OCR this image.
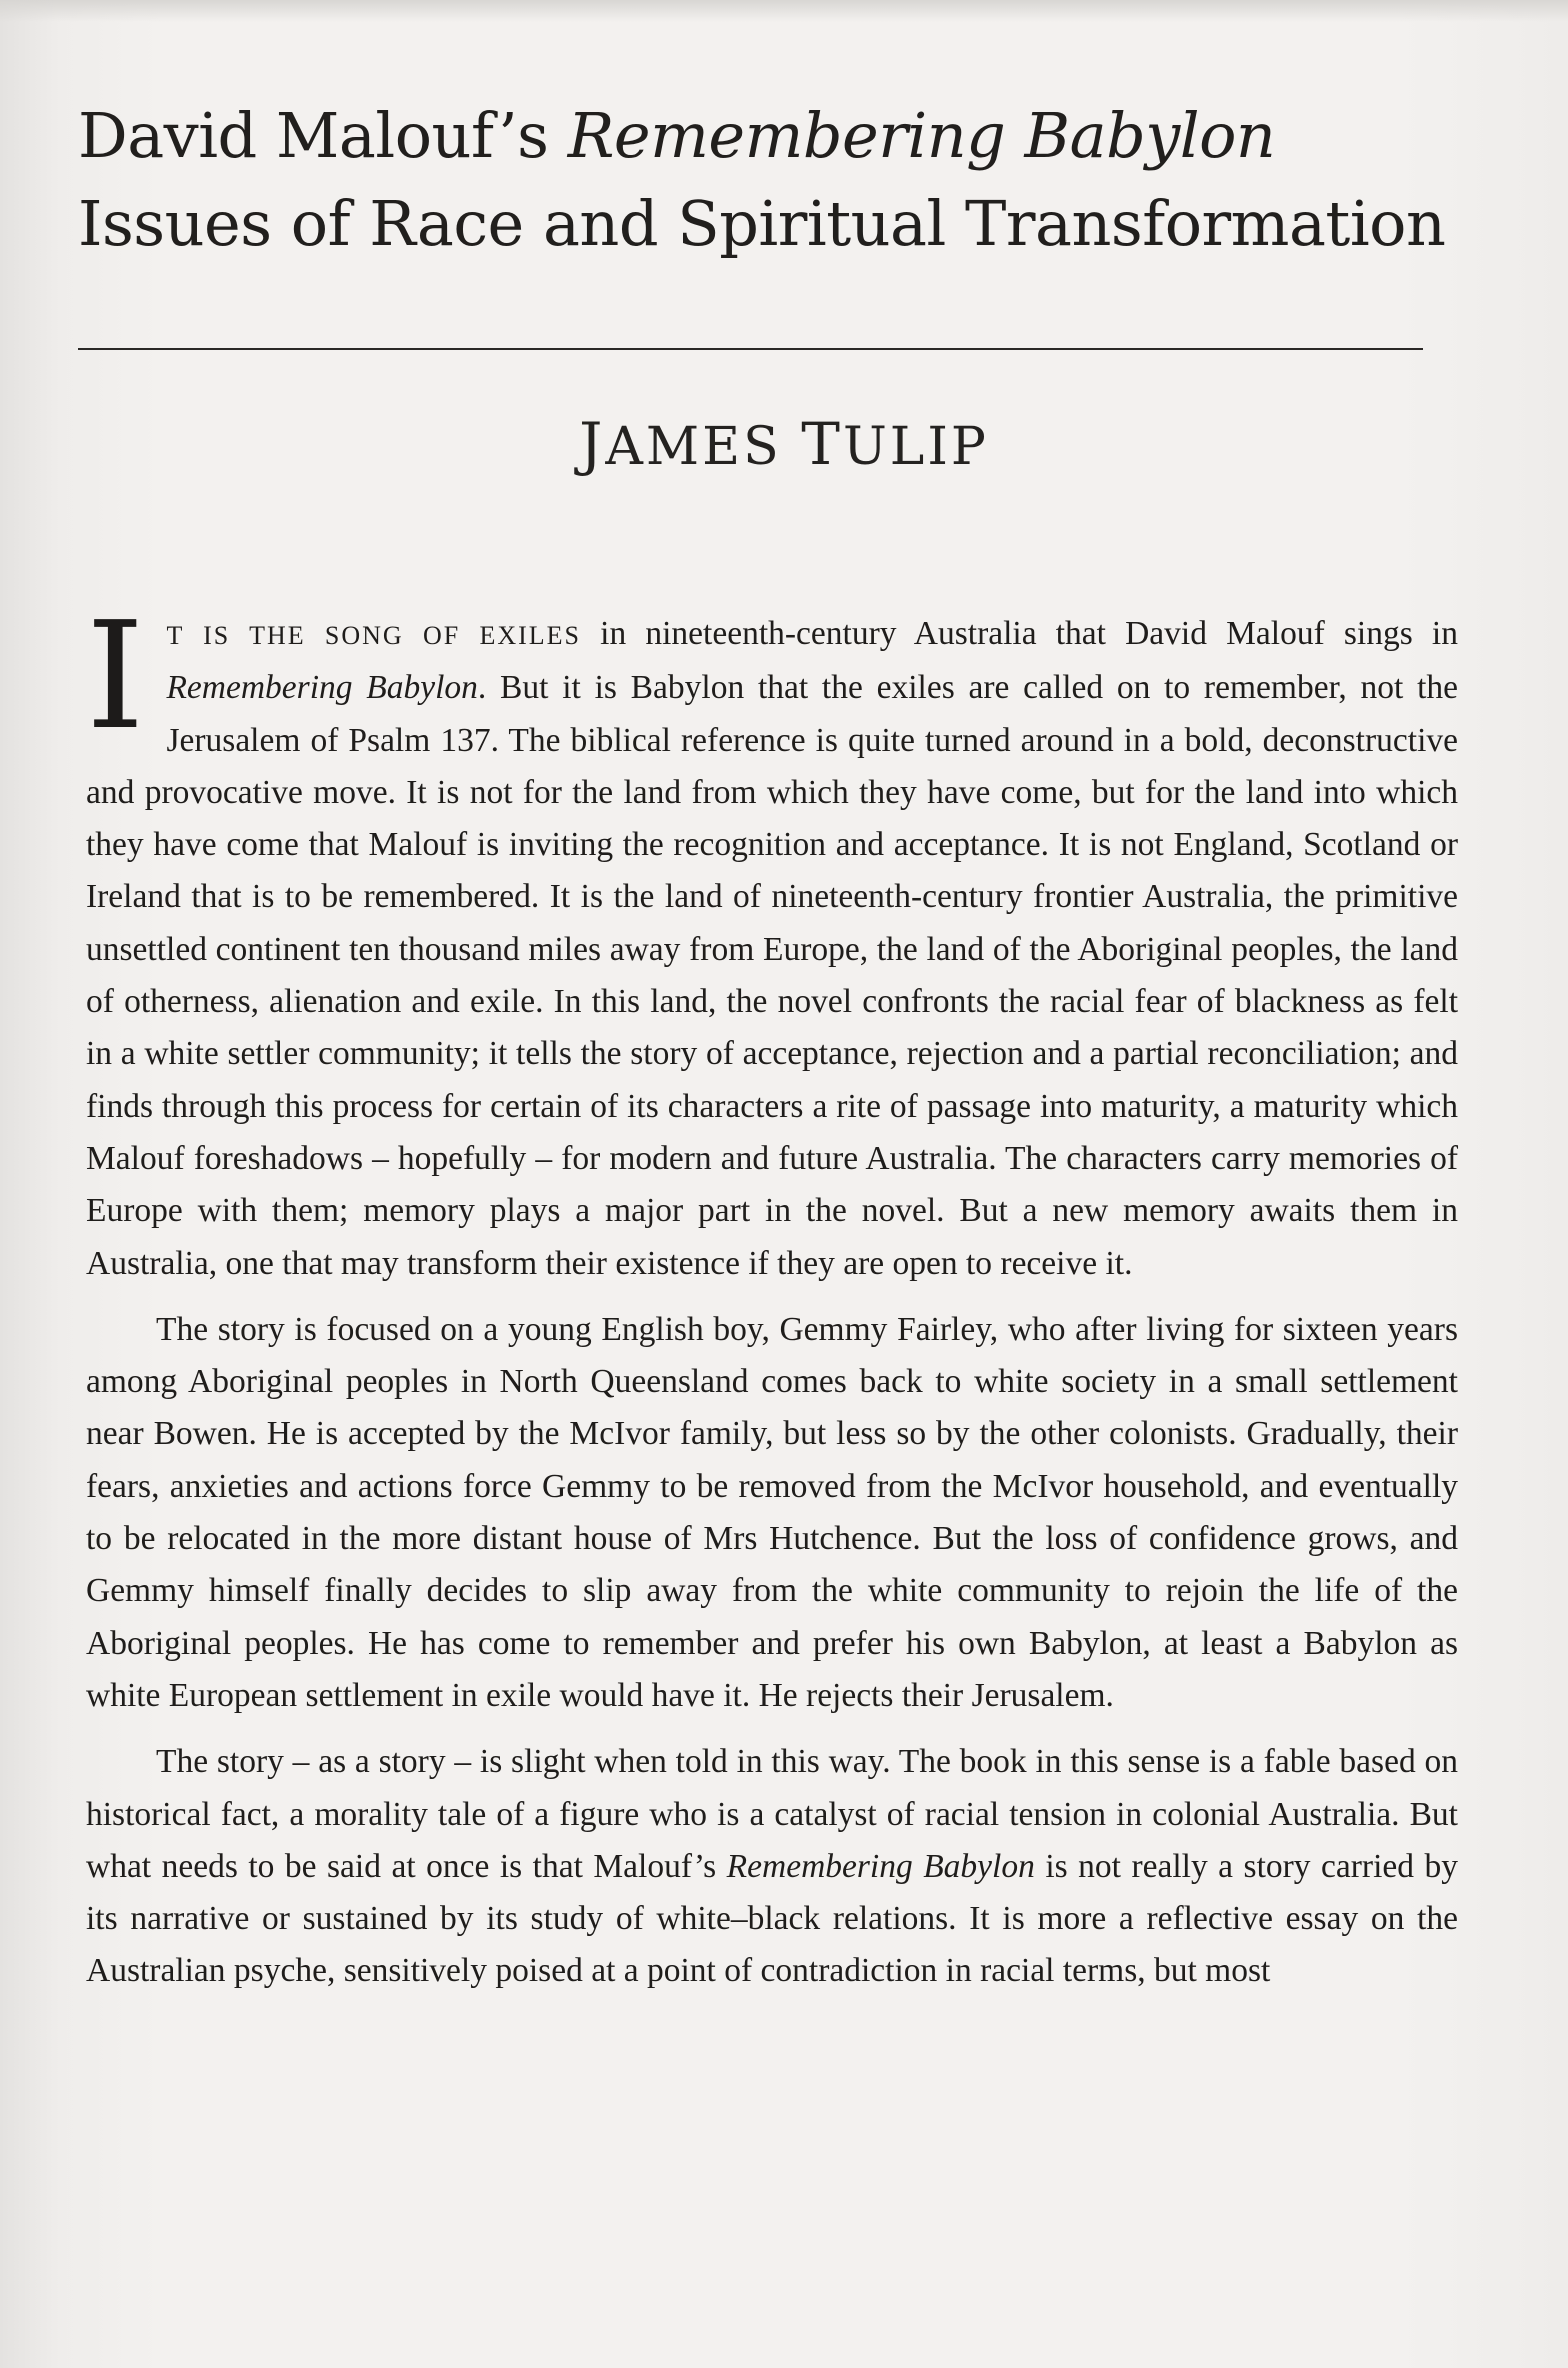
David Malouf’s Remembering Babylon
Issues of Race and Spiritual Transformation
JAMES TULIP

I T IS THE SONG OF EXILES in nineteenth-century Australia that David Malouf sings in Remembering Babylon. But it is Babylon that the exiles are called on to remember, not the Jerusalem of Psalm 137. The biblical reference is quite turned around in a bold, deconstructive and provocative move. It is not for the land from which they have come, but for the land into which they have come that Malouf is inviting the recognition and acceptance. It is not England, Scotland or Ireland that is to be remembered. It is the land of nineteenth-century frontier Australia, the primitive unsettled continent ten thousand miles away from Europe, the land of the Aboriginal peoples, the land of otherness, alienation and exile. In this land, the novel confronts the racial fear of blackness as felt in a white settler community; it tells the story of acceptance, rejection and a partial reconciliation; and finds through this process for certain of its characters a rite of passage into maturity, a maturity which Malouf foreshadows – hopefully – for modern and future Australia. The characters carry memories of Europe with them; memory plays a major part in the novel. But a new memory awaits them in Australia, one that may transform their existence if they are open to receive it.

The story is focused on a young English boy, Gemmy Fairley, who after living for sixteen years among Aboriginal peoples in North Queensland comes back to white society in a small settlement near Bowen. He is accepted by the McIvor family, but less so by the other colonists. Gradually, their fears, anxieties and actions force Gemmy to be removed from the McIvor household, and eventually to be relocated in the more distant house of Mrs Hutchence. But the loss of confidence grows, and Gemmy himself finally decides to slip away from the white community to rejoin the life of the Aboriginal peoples. He has come to remember and prefer his own Babylon, at least a Babylon as white European settlement in exile would have it. He rejects their Jerusalem.

The story – as a story – is slight when told in this way. The book in this sense is a fable based on historical fact, a morality tale of a figure who is a catalyst of racial tension in colonial Australia. But what needs to be said at once is that Malouf’s Remembering Babylon is not really a story carried by its narrative or sustained by its study of white–black relations. It is more a reflective essay on the Australian psyche, sensitively poised at a point of contradiction in racial terms, but most
